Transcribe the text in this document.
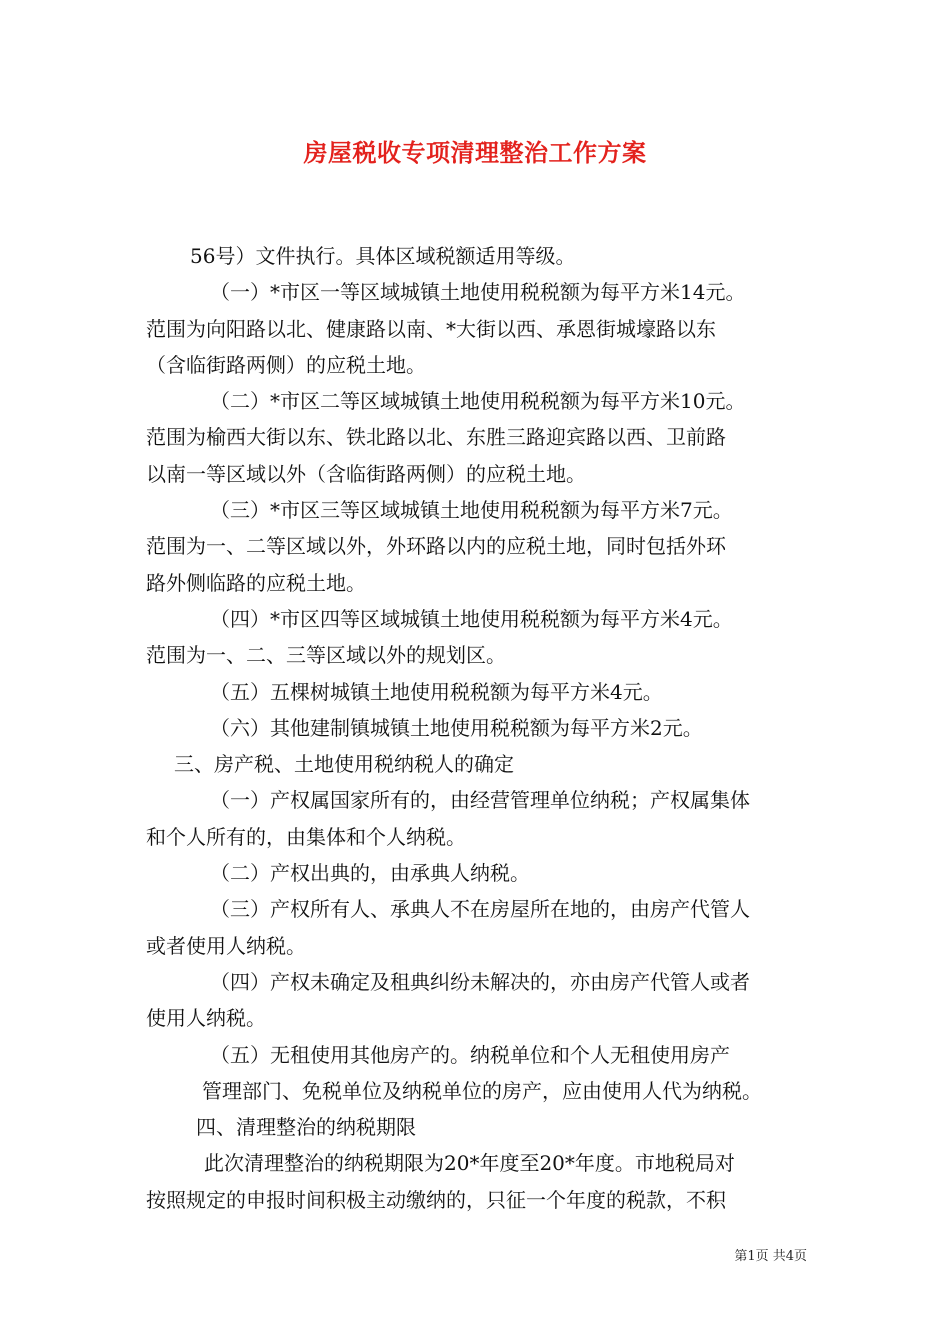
房屋税收专项清理整治工作方案
56号）文件执行。具体区域税额适用等级。
（一）*市区一等区域城镇土地使用税税额为每平方米14元。
范围为向阳路以北、健康路以南、*大街以西、承恩街城壕路以东
（含临街路两侧）的应税土地。
（二）*市区二等区域城镇土地使用税税额为每平方米10元。
范围为榆西大街以东、铁北路以北、东胜三路迎宾路以西、卫前路
以南一等区域以外（含临街路两侧）的应税土地。
（三）*市区三等区域城镇土地使用税税额为每平方米7元。
范围为一、二等区域以外，外环路以内的应税土地，同时包括外环
路外侧临路的应税土地。
（四）*市区四等区域城镇土地使用税税额为每平方米4元。
范围为一、二、三等区域以外的规划区。
（五）五棵树城镇土地使用税税额为每平方米4元。
（六）其他建制镇城镇土地使用税税额为每平方米2元。
三、房产税、土地使用税纳税人的确定
（一）产权属国家所有的，由经营管理单位纳税；产权属集体
和个人所有的，由集体和个人纳税。
（二）产权出典的，由承典人纳税。
（三）产权所有人、承典人不在房屋所在地的，由房产代管人
或者使用人纳税。
（四）产权未确定及租典纠纷未解决的，亦由房产代管人或者
使用人纳税。
（五）无租使用其他房产的。纳税单位和个人无租使用房产
管理部门、免税单位及纳税单位的房产，应由使用人代为纳税。
四、清理整治的纳税期限
此次清理整治的纳税期限为20*年度至20*年度。市地税局对
按照规定的申报时间积极主动缴纳的，只征一个年度的税款，不积
第1页 共4页
